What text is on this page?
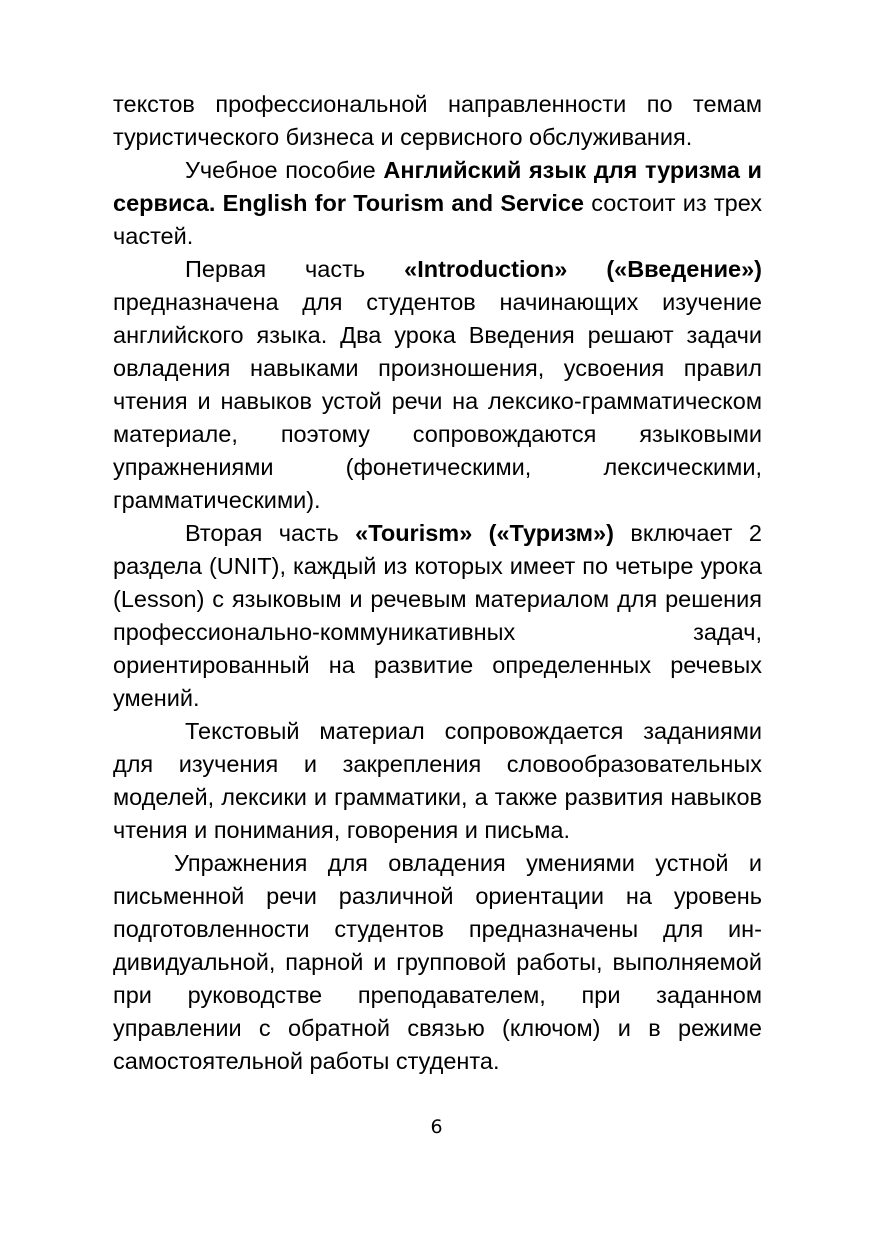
текстов профессиональной направленности по темам туристического бизнеса и сервисного обслуживания.

Учебное пособие Английский язык для туризма и сервиса. English for Tourism and Service состоит из трех частей.

Первая часть «Introduction» («Введение») предназначена для студентов начинающих изучение английского языка. Два урока Введения решают задачи овладения навыками произношения, усвоения правил чтения и навыков устой речи на лексико-грамматическом материале, поэтому сопровождаются языковыми упражнениями (фонетическими, лексическими, грамматическими).

Вторая часть «Tourism» («Туризм») включает 2 раздела (UNIT), каждый из которых имеет по четыре урока (Lesson) с языковым и речевым материалом для решения профессионально-коммуникативных задач, ориентированный на развитие определенных речевых умений.

Текстовый материал сопровождается заданиями для изучения и закрепления словообразовательных моделей, лексики и грамматики, а также развития навыков чтения и понимания, говорения и письма.

Упражнения для овладения умениями устной и письменной речи различной ориентации на уровень подготовленности студентов предназначены для индивидуальной, парной и групповой работы, выполняемой при руководстве преподавателем, при заданном управлении с обратной связью (ключом) и в режиме самостоятельной работы студента.

6
